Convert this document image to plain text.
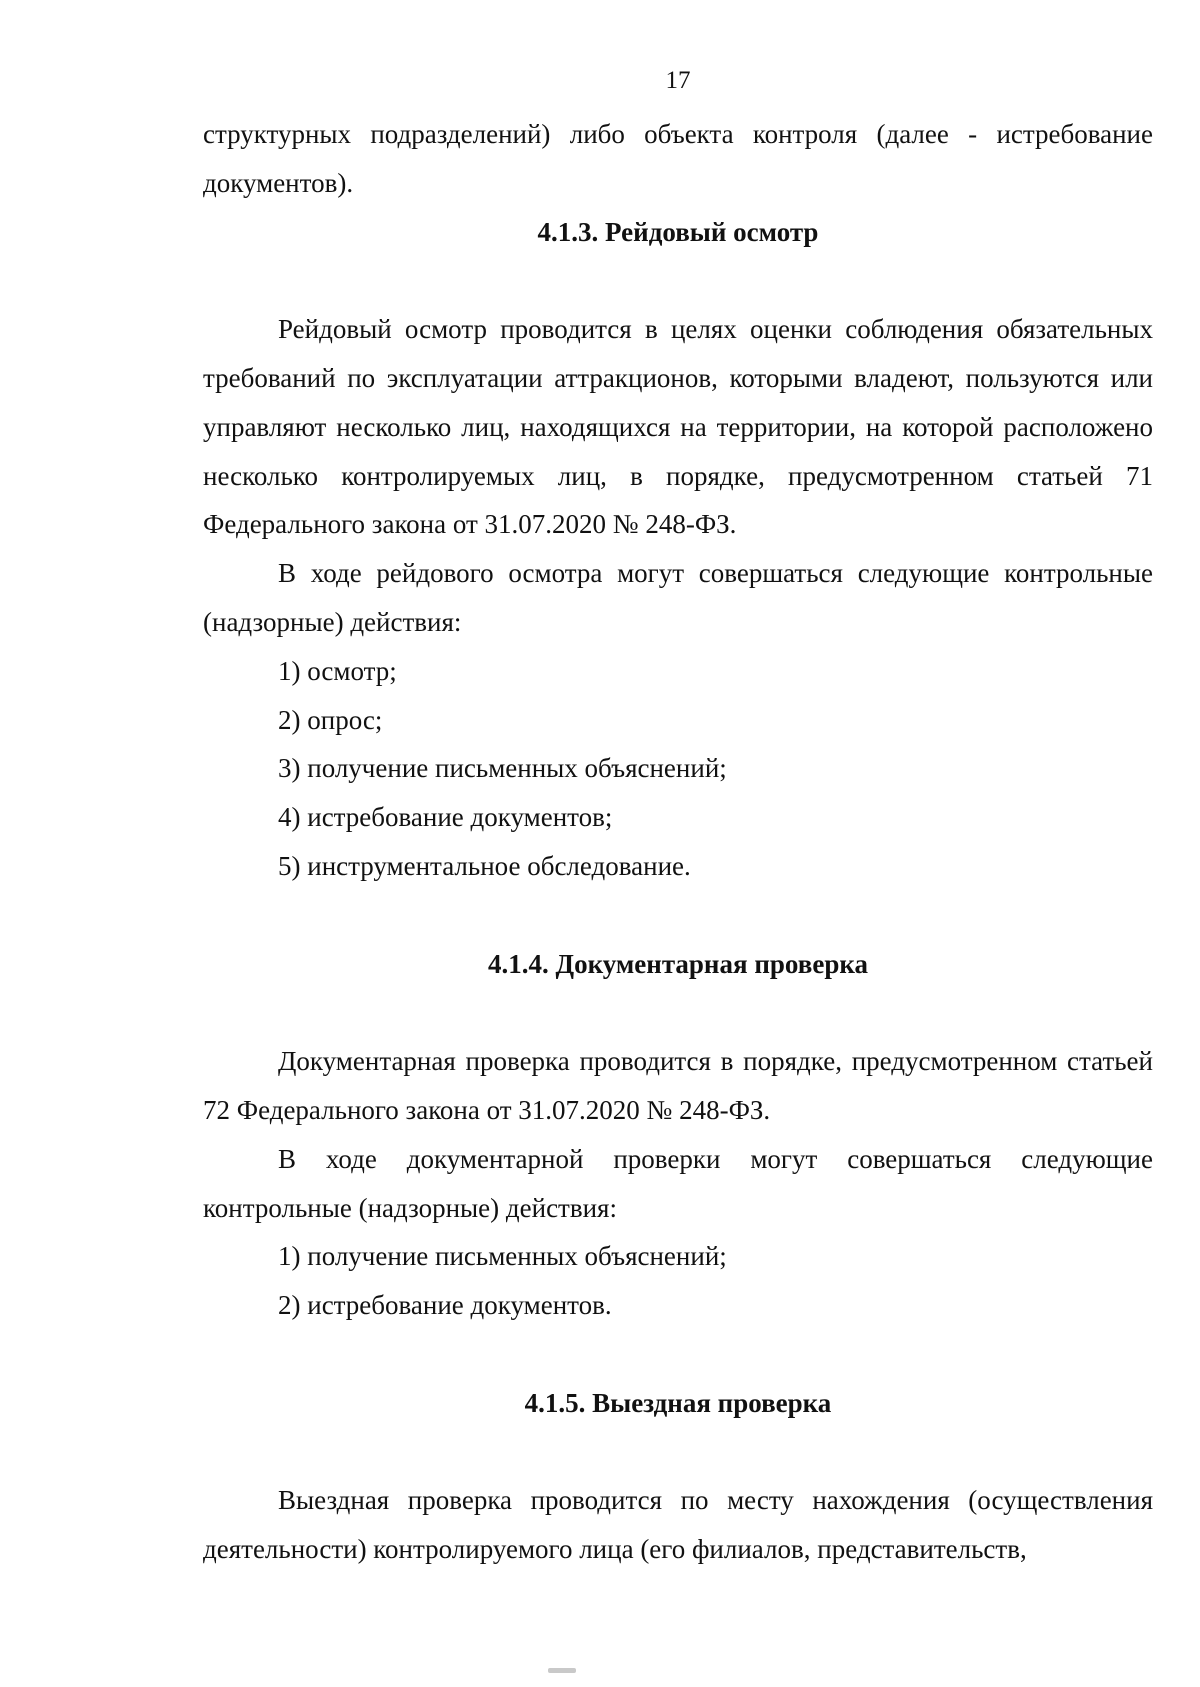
17

структурных подразделений) либо объекта контроля (далее - истребование документов).

4.1.3. Рейдовый осмотр

Рейдовый осмотр проводится в целях оценки соблюдения обязательных требований по эксплуатации аттракционов, которыми владеют, пользуются или управляют несколько лиц, находящихся на территории, на которой расположено несколько контролируемых лиц, в порядке, предусмотренном статьей 71 Федерального закона от 31.07.2020 № 248-ФЗ.

В ходе рейдового осмотра могут совершаться следующие контрольные (надзорные) действия:

1) осмотр;

2) опрос;

3) получение письменных объяснений;

4) истребование документов;

5) инструментальное обследование.

4.1.4. Документарная проверка

Документарная проверка проводится в порядке, предусмотренном статьей 72 Федерального закона от 31.07.2020 № 248-ФЗ.

В ходе документарной проверки могут совершаться следующие контрольные (надзорные) действия:

1) получение письменных объяснений;

2) истребование документов.

4.1.5. Выездная проверка

Выездная проверка проводится по месту нахождения (осуществления деятельности) контролируемого лица (его филиалов, представительств,
